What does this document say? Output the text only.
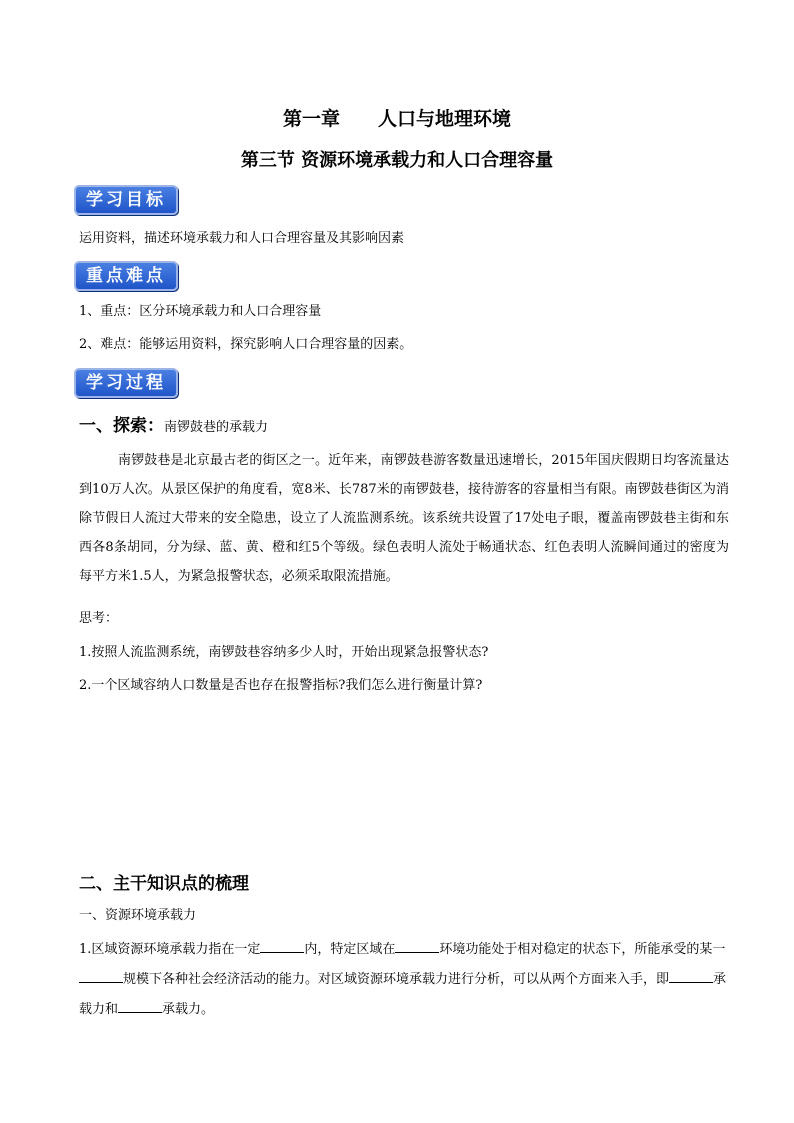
第一章 人口与地理环境
第三节 资源环境承载力和人口合理容量
学习目标
运用资料，描述环境承载力和人口合理容量及其影响因素
重点难点
1、重点：区分环境承载力和人口合理容量
2、难点：能够运用资料，探究影响人口合理容量的因素。
学习过程
一、探索：南锣鼓巷的承载力
南锣鼓巷是北京最古老的街区之一。近年来，南锣鼓巷游客数量迅速增长，2015年国庆假期日均客流量达到10万人次。从景区保护的角度看，宽8米、长787米的南锣鼓巷，接待游客的容量相当有限。南锣鼓巷街区为消除节假日人流过大带来的安全隐患，设立了人流监测系统。该系统共设置了17处电子眼，覆盖南锣鼓巷主街和东西各8条胡同，分为绿、蓝、黄、橙和红5个等级。绿色表明人流处于畅通状态、红色表明人流瞬间通过的密度为每平方米1.5人，为紧急报警状态，必须采取限流措施。
思考：
1.按照人流监测系统，南锣鼓巷容纳多少人时，开始出现紧急报警状态?
2.一个区域容纳人口数量是否也存在报警指标?我们怎么进行衡量计算?
二、主干知识点的梳理
一、资源环境承载力
1.区域资源环境承载力指在一定	内，特定区域在	环境功能处于相对稳定的状态下，所能承受的某一规模下各种社会经济活动的能力。对区域资源环境承载力进行分析，可以从两个方面来入手，即	承载力和	承载力。
